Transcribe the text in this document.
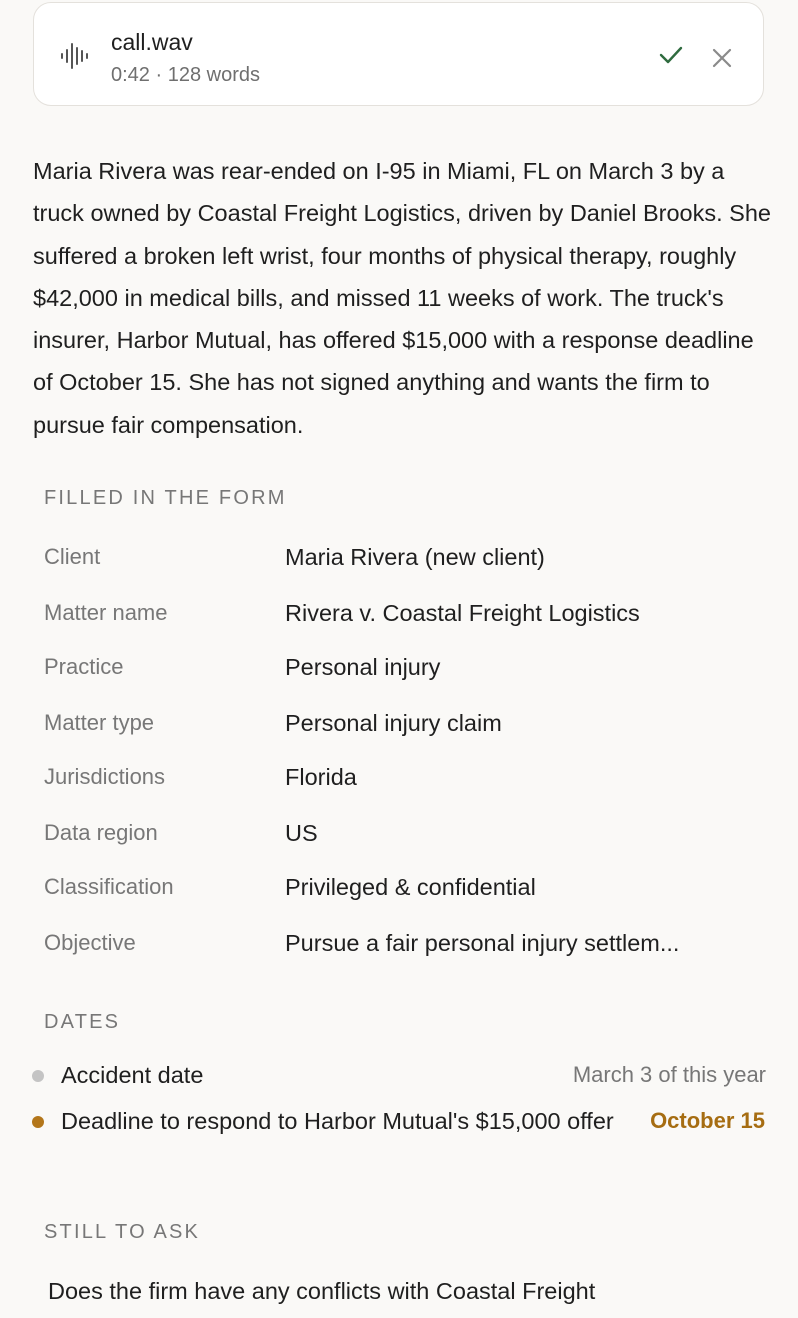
call.wav
0:42 · 128 words

Maria Rivera was rear-ended on I-95 in Miami, FL on March 3 by a truck owned by Coastal Freight Logistics, driven by Daniel Brooks. She suffered a broken left wrist, four months of physical therapy, roughly $42,000 in medical bills, and missed 11 weeks of work. The truck's insurer, Harbor Mutual, has offered $15,000 with a response deadline of October 15. She has not signed anything and wants the firm to pursue fair compensation.

FILLED IN THE FORM
Client	Maria Rivera (new client)
Matter name	Rivera v. Coastal Freight Logistics
Practice	Personal injury
Matter type	Personal injury claim
Jurisdictions	Florida
Data region	US
Classification	Privileged & confidential
Objective	Pursue a fair personal injury settlem...
DATES
Accident date	March 3 of this year
Deadline to respond to Harbor Mutual's $15,000 offer	October 15
STILL TO ASK
Does the firm have any conflicts with Coastal Freight
